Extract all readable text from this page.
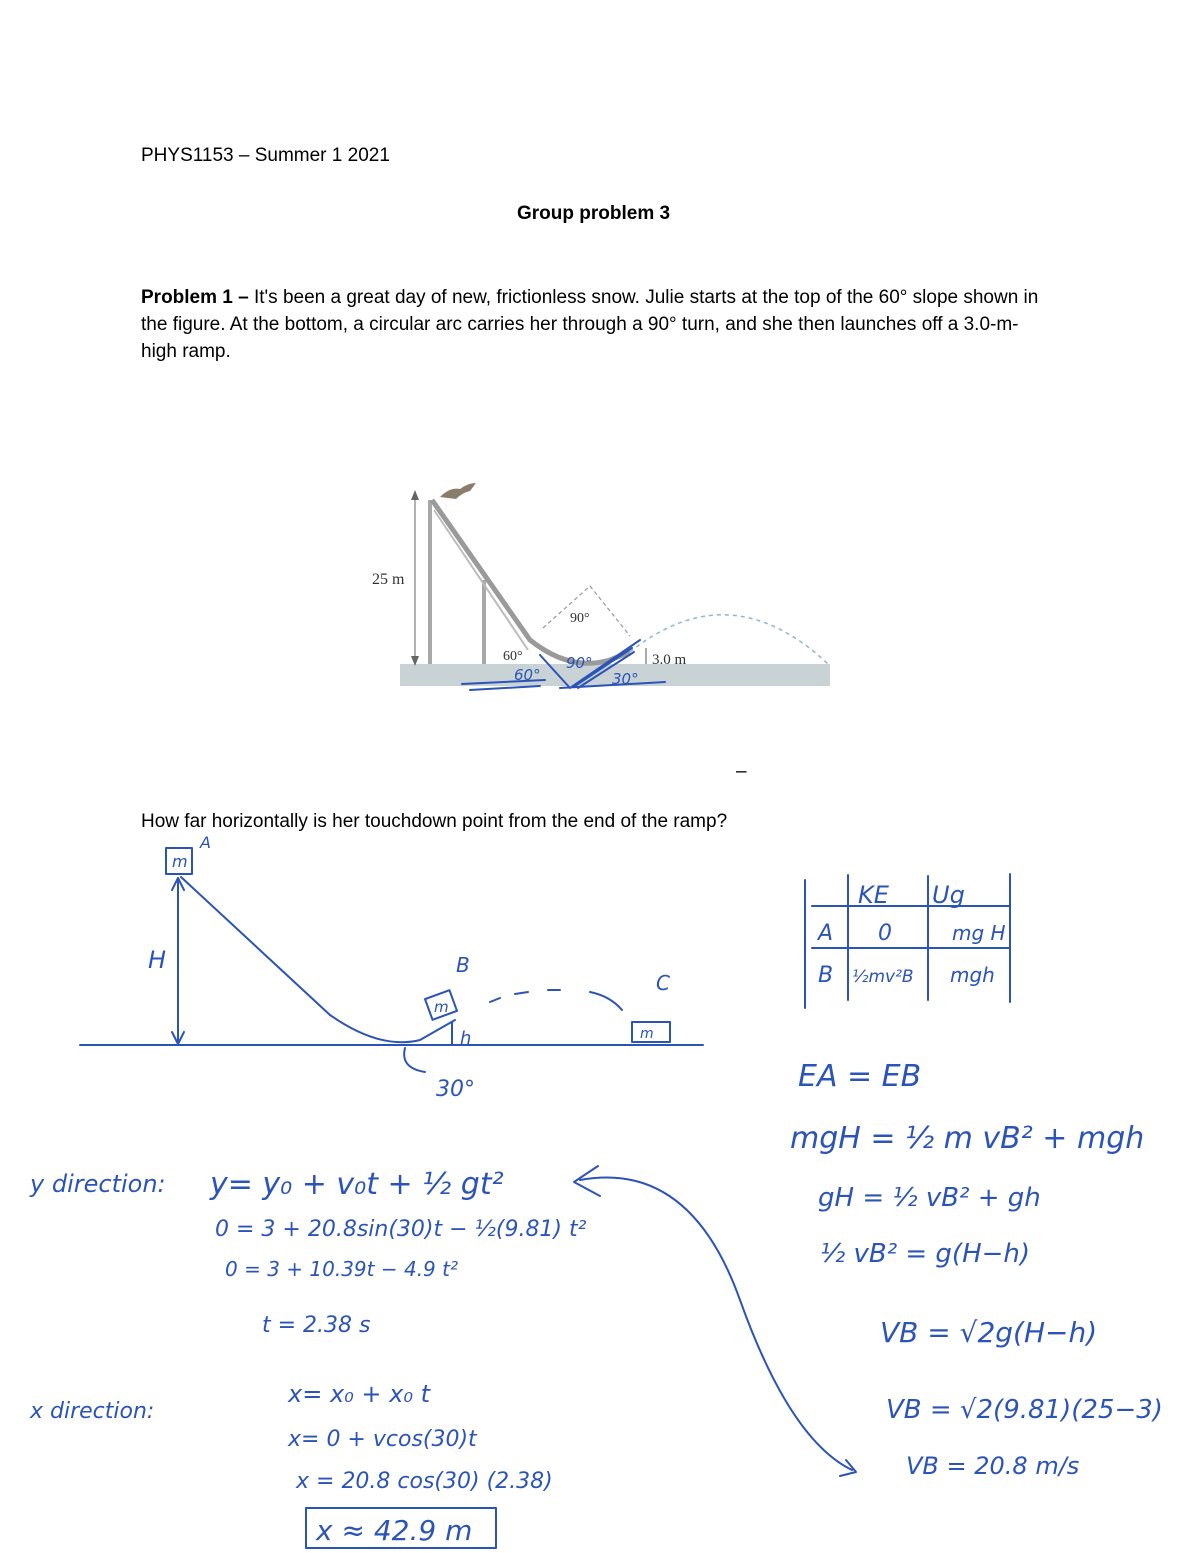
PHYS1153 – Summer 1 2021
Group problem 3
Problem 1 – It's been a great day of new, frictionless snow. Julie starts at the top of the 60° slope shown in the figure. At the bottom, a circular arc carries her through a 90° turn, and she then launches off a 3.0-m-high ramp.
–
How far horizontally is her touchdown point from the end of the ramp?
25 m
90°
60°	3.0 m
60°
90°
30°
m
A
H
m
B
h	m
C
30°
KE Ug
A 0	mg H
B ½mv²B mgh
EA = EB
mgH = ½ m vB² + mgh
gH = ½ vB² + gh
½ vB² = g(H−h)
VB = √2g(H−h)
VB = √2(9.81)(25−3)
VB = 20.8 m/s
y direction: y= y₀ + v₀t + ½ gt²
0 = 3 + 20.8sin(30)t − ½(9.81) t²
0 = 3 + 10.39t − 4.9 t²
t = 2.38 s
x direction:
x= x₀ + x₀ t
x= 0 + vcos(30)t
x = 20.8 cos(30) (2.38)
x ≈ 42.9 m
